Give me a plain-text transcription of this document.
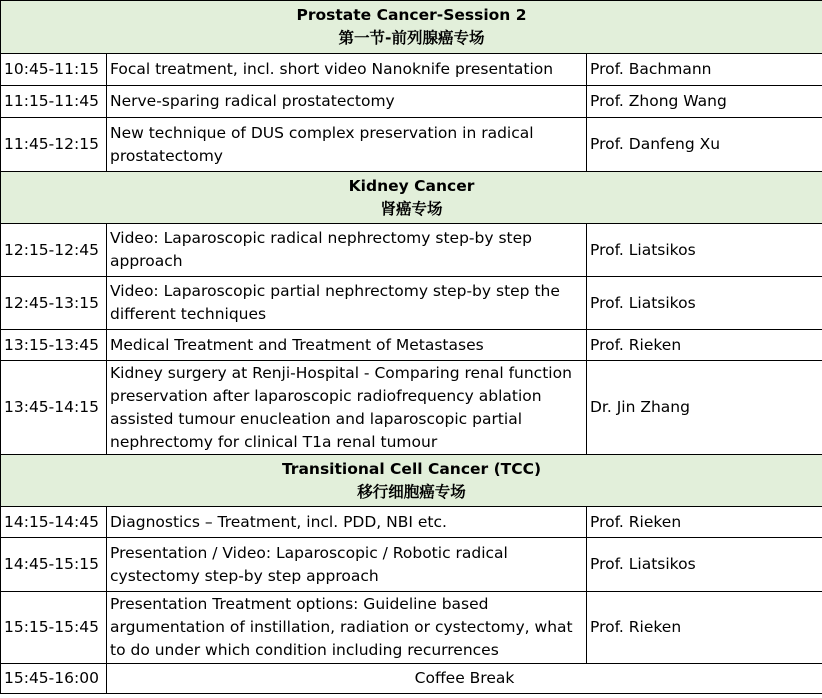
Prostate Cancer-Session 2
第一节-前列腺癌专场		

10:45-11:15	Focal treatment, incl. short video Nanoknife presentation	Prof. Bachmann
11:15-11:45	Nerve-sparing radical prostatectomy	Prof. Zhong Wang
11:45-12:15	New technique of DUS complex preservation in radical prostatectomy	Prof. Danfeng Xu

Kidney Cancer
肾癌专场		

12:15-12:45	Video: Laparoscopic radical nephrectomy step-by step approach	Prof. Liatsikos
12:45-13:15	Video: Laparoscopic partial nephrectomy step-by step the different techniques	Prof. Liatsikos
13:15-13:45	Medical Treatment and Treatment of Metastases	Prof. Rieken
13:45-14:15	Kidney surgery at Renji-Hospital - Comparing renal function preservation after laparoscopic radiofrequency ablation assisted tumour enucleation and laparoscopic partial nephrectomy for clinical T1a renal tumour	Dr. Jin Zhang

Transitional Cell Cancer (TCC)
移行细胞癌专场		

14:15-14:45	Diagnostics – Treatment, incl. PDD, NBI etc.	Prof. Rieken
14:45-15:15	Presentation / Video: Laparoscopic / Robotic radical cystectomy step-by step approach	Prof. Liatsikos
15:15-15:45	Presentation Treatment options: Guideline based argumentation of instillation, radiation or cystectomy, what to do under which condition including recurrences	Prof. Rieken
15:45-16:00	Coffee Break	
